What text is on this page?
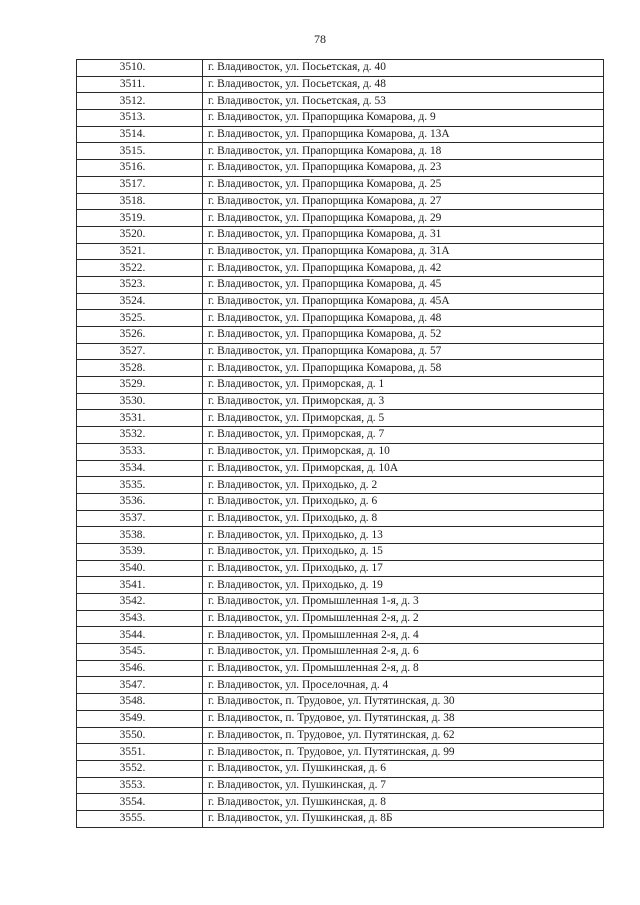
78
3510.	г. Владивосток, ул. Посьетская, д. 40
3511.	г. Владивосток, ул. Посьетская, д. 48
3512.	г. Владивосток, ул. Посьетская, д. 53
3513.	г. Владивосток, ул. Прапорщика Комарова, д. 9
3514.	г. Владивосток, ул. Прапорщика Комарова, д. 13А
3515.	г. Владивосток, ул. Прапорщика Комарова, д. 18
3516.	г. Владивосток, ул. Прапорщика Комарова, д. 23
3517.	г. Владивосток, ул. Прапорщика Комарова, д. 25
3518.	г. Владивосток, ул. Прапорщика Комарова, д. 27
3519.	г. Владивосток, ул. Прапорщика Комарова, д. 29
3520.	г. Владивосток, ул. Прапорщика Комарова, д. 31
3521.	г. Владивосток, ул. Прапорщика Комарова, д. 31А
3522.	г. Владивосток, ул. Прапорщика Комарова, д. 42
3523.	г. Владивосток, ул. Прапорщика Комарова, д. 45
3524.	г. Владивосток, ул. Прапорщика Комарова, д. 45А
3525.	г. Владивосток, ул. Прапорщика Комарова, д. 48
3526.	г. Владивосток, ул. Прапорщика Комарова, д. 52
3527.	г. Владивосток, ул. Прапорщика Комарова, д. 57
3528.	г. Владивосток, ул. Прапорщика Комарова, д. 58
3529.	г. Владивосток, ул. Приморская, д. 1
3530.	г. Владивосток, ул. Приморская, д. 3
3531.	г. Владивосток, ул. Приморская, д. 5
3532.	г. Владивосток, ул. Приморская, д. 7
3533.	г. Владивосток, ул. Приморская, д. 10
3534.	г. Владивосток, ул. Приморская, д. 10А
3535.	г. Владивосток, ул. Приходько, д. 2
3536.	г. Владивосток, ул. Приходько, д. 6
3537.	г. Владивосток, ул. Приходько, д. 8
3538.	г. Владивосток, ул. Приходько, д. 13
3539.	г. Владивосток, ул. Приходько, д. 15
3540.	г. Владивосток, ул. Приходько, д. 17
3541.	г. Владивосток, ул. Приходько, д. 19
3542.	г. Владивосток, ул. Промышленная 1-я, д. 3
3543.	г. Владивосток, ул. Промышленная 2-я, д. 2
3544.	г. Владивосток, ул. Промышленная 2-я, д. 4
3545.	г. Владивосток, ул. Промышленная 2-я, д. 6
3546.	г. Владивосток, ул. Промышленная 2-я, д. 8
3547.	г. Владивосток, ул. Проселочная, д. 4
3548.	г. Владивосток, п. Трудовое, ул. Путятинская, д. 30
3549.	г. Владивосток, п. Трудовое, ул. Путятинская, д. 38
3550.	г. Владивосток, п. Трудовое, ул. Путятинская, д. 62
3551.	г. Владивосток, п. Трудовое, ул. Путятинская, д. 99
3552.	г. Владивосток, ул. Пушкинская, д. 6
3553.	г. Владивосток, ул. Пушкинская, д. 7
3554.	г. Владивосток, ул. Пушкинская, д. 8
3555.	г. Владивосток, ул. Пушкинская, д. 8Б
